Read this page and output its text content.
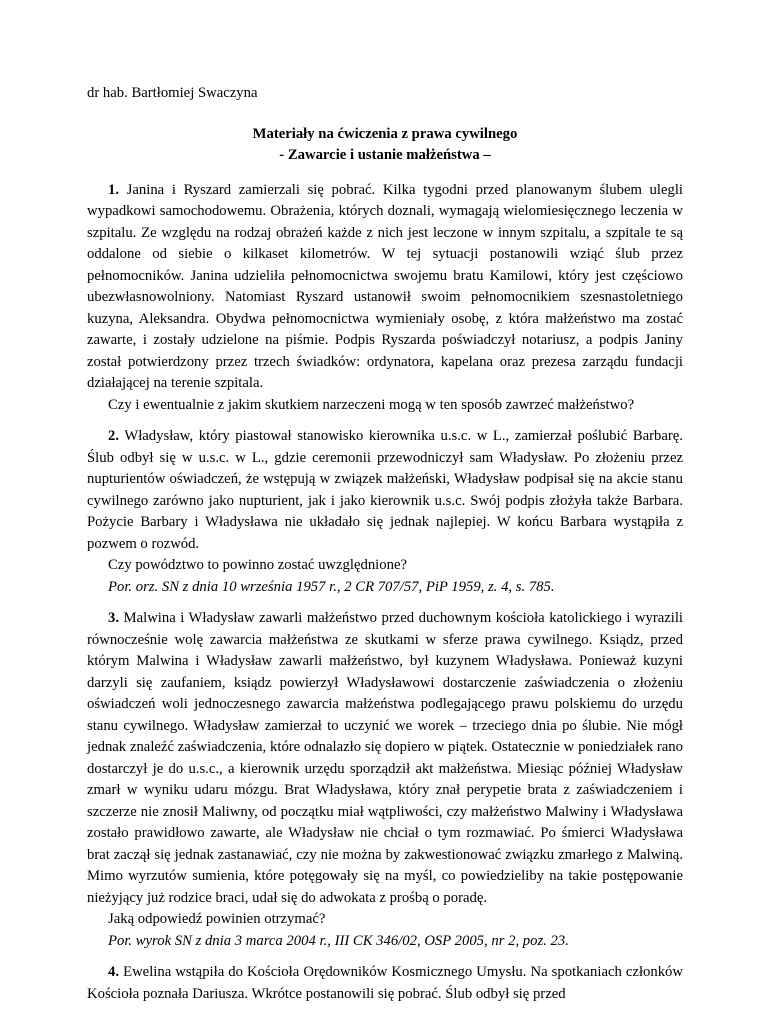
dr hab. Bartłomiej Swaczyna

Materiały na ćwiczenia z prawa cywilnego

- Zawarcie i ustanie małżeństwa –

1. Janina i Ryszard zamierzali się pobrać. Kilka tygodni przed planowanym ślubem ulegli wypadkowi samochodowemu. Obrażenia, których doznali, wymagają wielomiesięcznego leczenia w szpitalu. Ze względu na rodzaj obrażeń każde z nich jest leczone w innym szpitalu, a szpitale te są oddalone od siebie o kilkaset kilometrów. W tej sytuacji postanowili wziąć ślub przez pełnomocników. Janina udzieliła pełnomocnictwa swojemu bratu Kamilowi, który jest częściowo ubezwłasnowolniony. Natomiast Ryszard ustanowił swoim pełnomocnikiem szesnastoletniego kuzyna, Aleksandra. Obydwa pełnomocnictwa wymieniały osobę, z która małżeństwo ma zostać zawarte, i zostały udzielone na piśmie. Podpis Ryszarda poświadczył notariusz, a podpis Janiny został potwierdzony przez trzech świadków: ordynatora, kapelana oraz prezesa zarządu fundacji działającej na terenie szpitala.

Czy i ewentualnie z jakim skutkiem narzeczeni mogą w ten sposób zawrzeć małżeństwo?

2. Władysław, który piastował stanowisko kierownika u.s.c. w L., zamierzał poślubić Barbarę. Ślub odbył się w u.s.c. w L., gdzie ceremonii przewodniczył sam Władysław. Po złożeniu przez nupturientów oświadczeń, że wstępują w związek małżeński, Władysław podpisał się na akcie stanu cywilnego zarówno jako nupturient, jak i jako kierownik u.s.c. Swój podpis złożyła także Barbara. Pożycie Barbary i Władysława nie układało się jednak najlepiej. W końcu Barbara wystąpiła z pozwem o rozwód.

Czy powództwo to powinno zostać uwzględnione?

Por. orz. SN z dnia 10 września 1957 r., 2 CR 707/57, PiP 1959, z. 4, s. 785.

3. Malwina i Władysław zawarli małżeństwo przed duchownym kościoła katolickiego i wyrazili równocześnie wolę zawarcia małżeństwa ze skutkami w sferze prawa cywilnego. Ksiądz, przed którym Malwina i Władysław zawarli małżeństwo, był kuzynem Władysława. Ponieważ kuzyni darzyli się zaufaniem, ksiądz powierzył Władysławowi dostarczenie zaświadczenia o złożeniu oświadczeń woli jednoczesnego zawarcia małżeństwa podlegającego prawu polskiemu do urzędu stanu cywilnego. Władysław zamierzał to uczynić we worek – trzeciego dnia po ślubie. Nie mógł jednak znaleźć zaświadczenia, które odnalazło się dopiero w piątek. Ostatecznie w poniedziałek rano dostarczył je do u.s.c., a kierownik urzędu sporządził akt małżeństwa. Miesiąc później Władysław zmarł w wyniku udaru mózgu. Brat Władysława, który znał perypetie brata z zaświadczeniem i szczerze nie znosił Maliwny, od początku miał wątpliwości, czy małżeństwo Malwiny i Władysława zostało prawidłowo zawarte, ale Władysław nie chciał o tym rozmawiać. Po śmierci Władysława brat zaczął się jednak zastanawiać, czy nie można by zakwestionować związku zmarłego z Malwiną. Mimo wyrzutów sumienia, które potęgowały się na myśl, co powiedzieliby na takie postępowanie nieżyjący już rodzice braci, udał się do adwokata z prośbą o poradę.

Jaką odpowiedź powinien otrzymać?

Por. wyrok SN z dnia 3 marca 2004 r., III CK 346/02, OSP 2005, nr 2, poz. 23.

4. Ewelina wstąpiła do Kościoła Orędowników Kosmicznego Umysłu. Na spotkaniach członków Kościoła poznała Dariusza. Wkrótce postanowili się pobrać. Ślub odbył się przed
